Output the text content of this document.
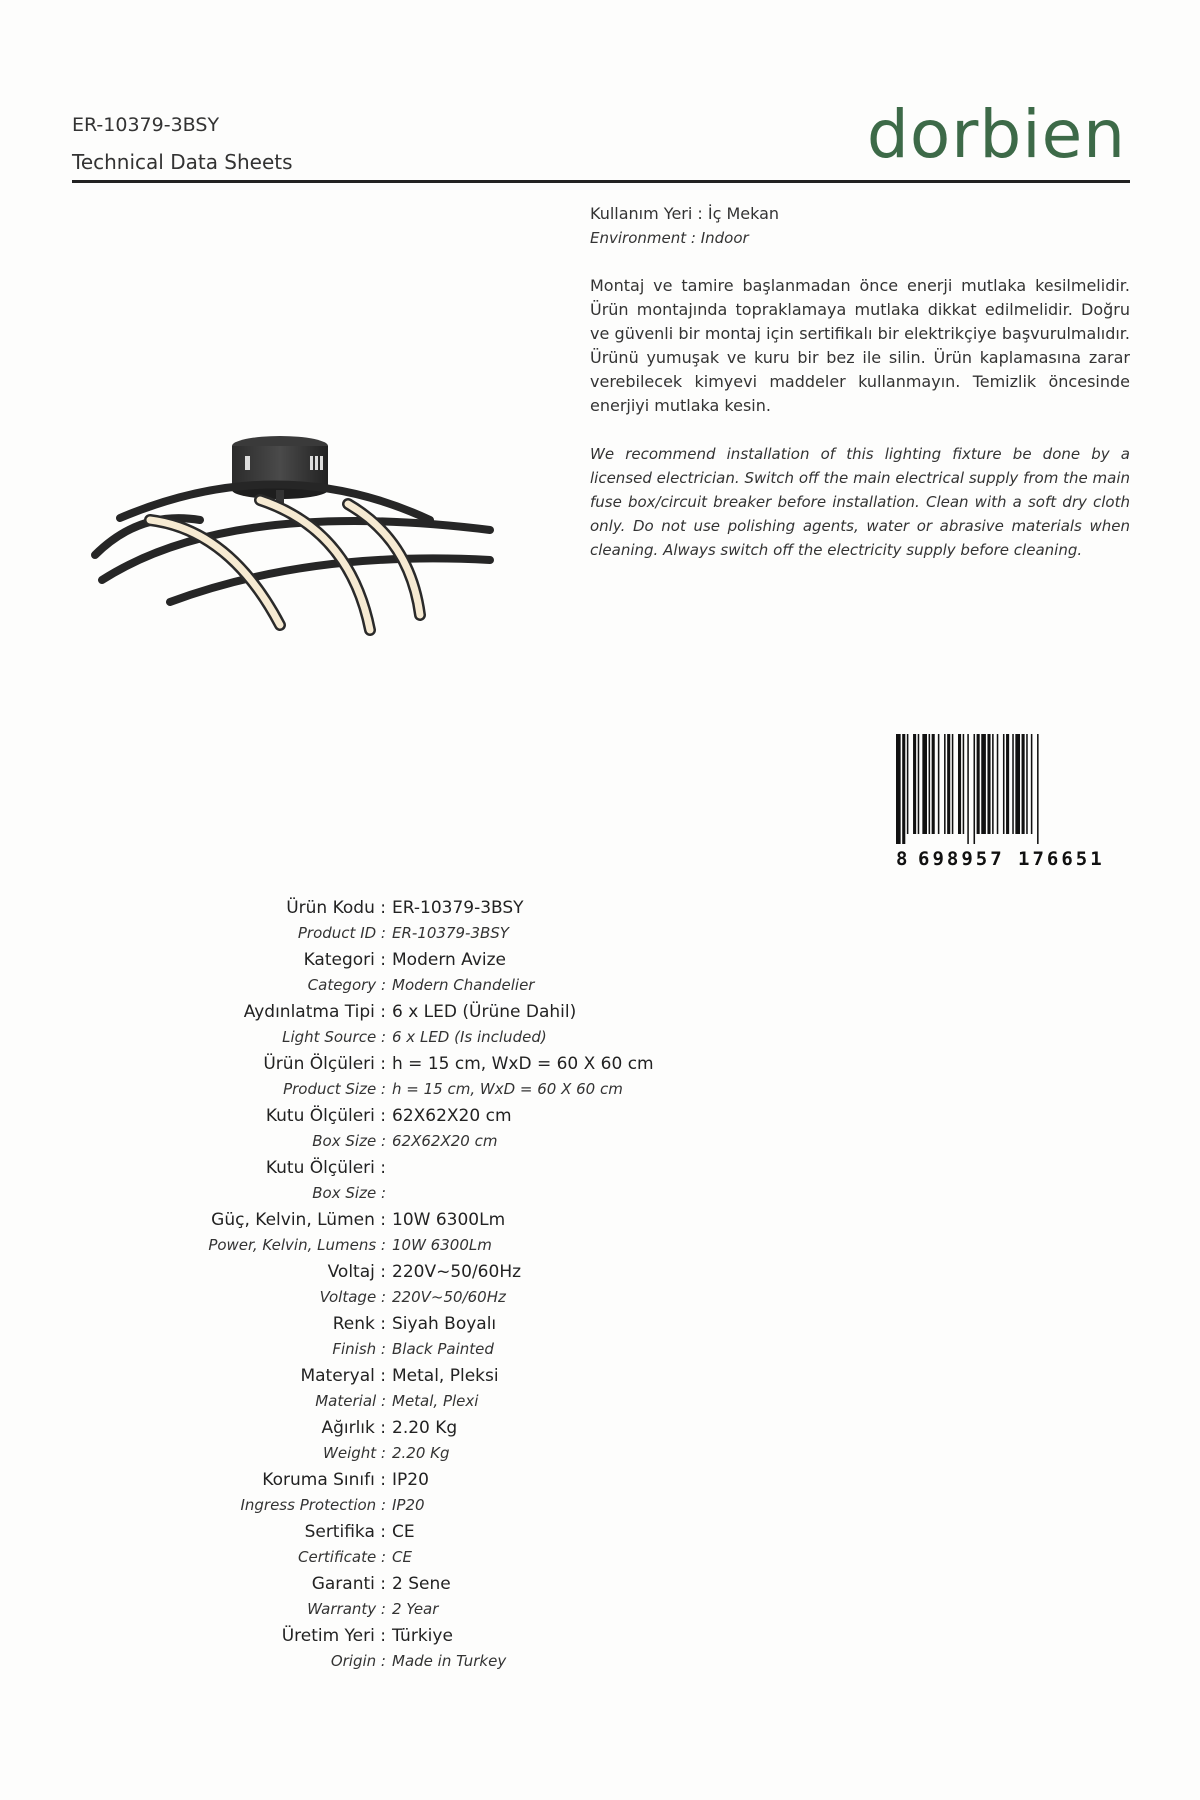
ER-10379-3BSY
Technical Data Sheets	dorbien
Kullanım Yeri : İç Mekan
Environment : Indoor

Montaj ve tamire başlanmadan önce enerji mutlaka kesilmelidir. Ürün montajında topraklamaya mutlaka dikkat edilmelidir. Doğru ve güvenli bir montaj için sertifikalı bir elektrikçiye başvurulmalıdır. Ürünü yumuşak ve kuru bir bez ile silin. Ürün kaplamasına zarar verebilecek kimyevi maddeler kullanmayın. Temizlik öncesinde enerjiyi mutlaka kesin.

We recommend installation of this lighting fixture be done by a licensed electrician. Switch off the main electrical supply from the main fuse box/circuit breaker before installation. Clean with a soft dry cloth only. Do not use polishing agents, water or abrasive materials when cleaning. Always switch off the electricity supply before cleaning.

8 698957 176651
Ürün Kodu : ER-10379-3BSY
Product ID : ER-10379-3BSY
Kategori : Modern Avize
Category : Modern Chandelier
Aydınlatma Tipi : 6 x LED (Ürüne Dahil)
Light Source : 6 x LED (Is included)
Ürün Ölçüleri : h = 15 cm, WxD = 60 X 60 cm
Product Size : h = 15 cm, WxD = 60 X 60 cm
Kutu Ölçüleri : 62X62X20 cm
Box Size : 62X62X20 cm
Kutu Ölçüleri :
Box Size :
Güç, Kelvin, Lümen : 10W 6300Lm
Power, Kelvin, Lumens : 10W 6300Lm
Voltaj : 220V~50/60Hz
Voltage : 220V~50/60Hz
Renk : Siyah Boyalı
Finish : Black Painted
Materyal : Metal, Pleksi
Material : Metal, Plexi
Ağırlık : 2.20 Kg
Weight : 2.20 Kg
Koruma Sınıfı : IP20
Ingress Protection : IP20
Sertifika : CE
Certificate : CE
Garanti : 2 Sene
Warranty : 2 Year
Üretim Yeri : Türkiye
Origin : Made in Turkey
